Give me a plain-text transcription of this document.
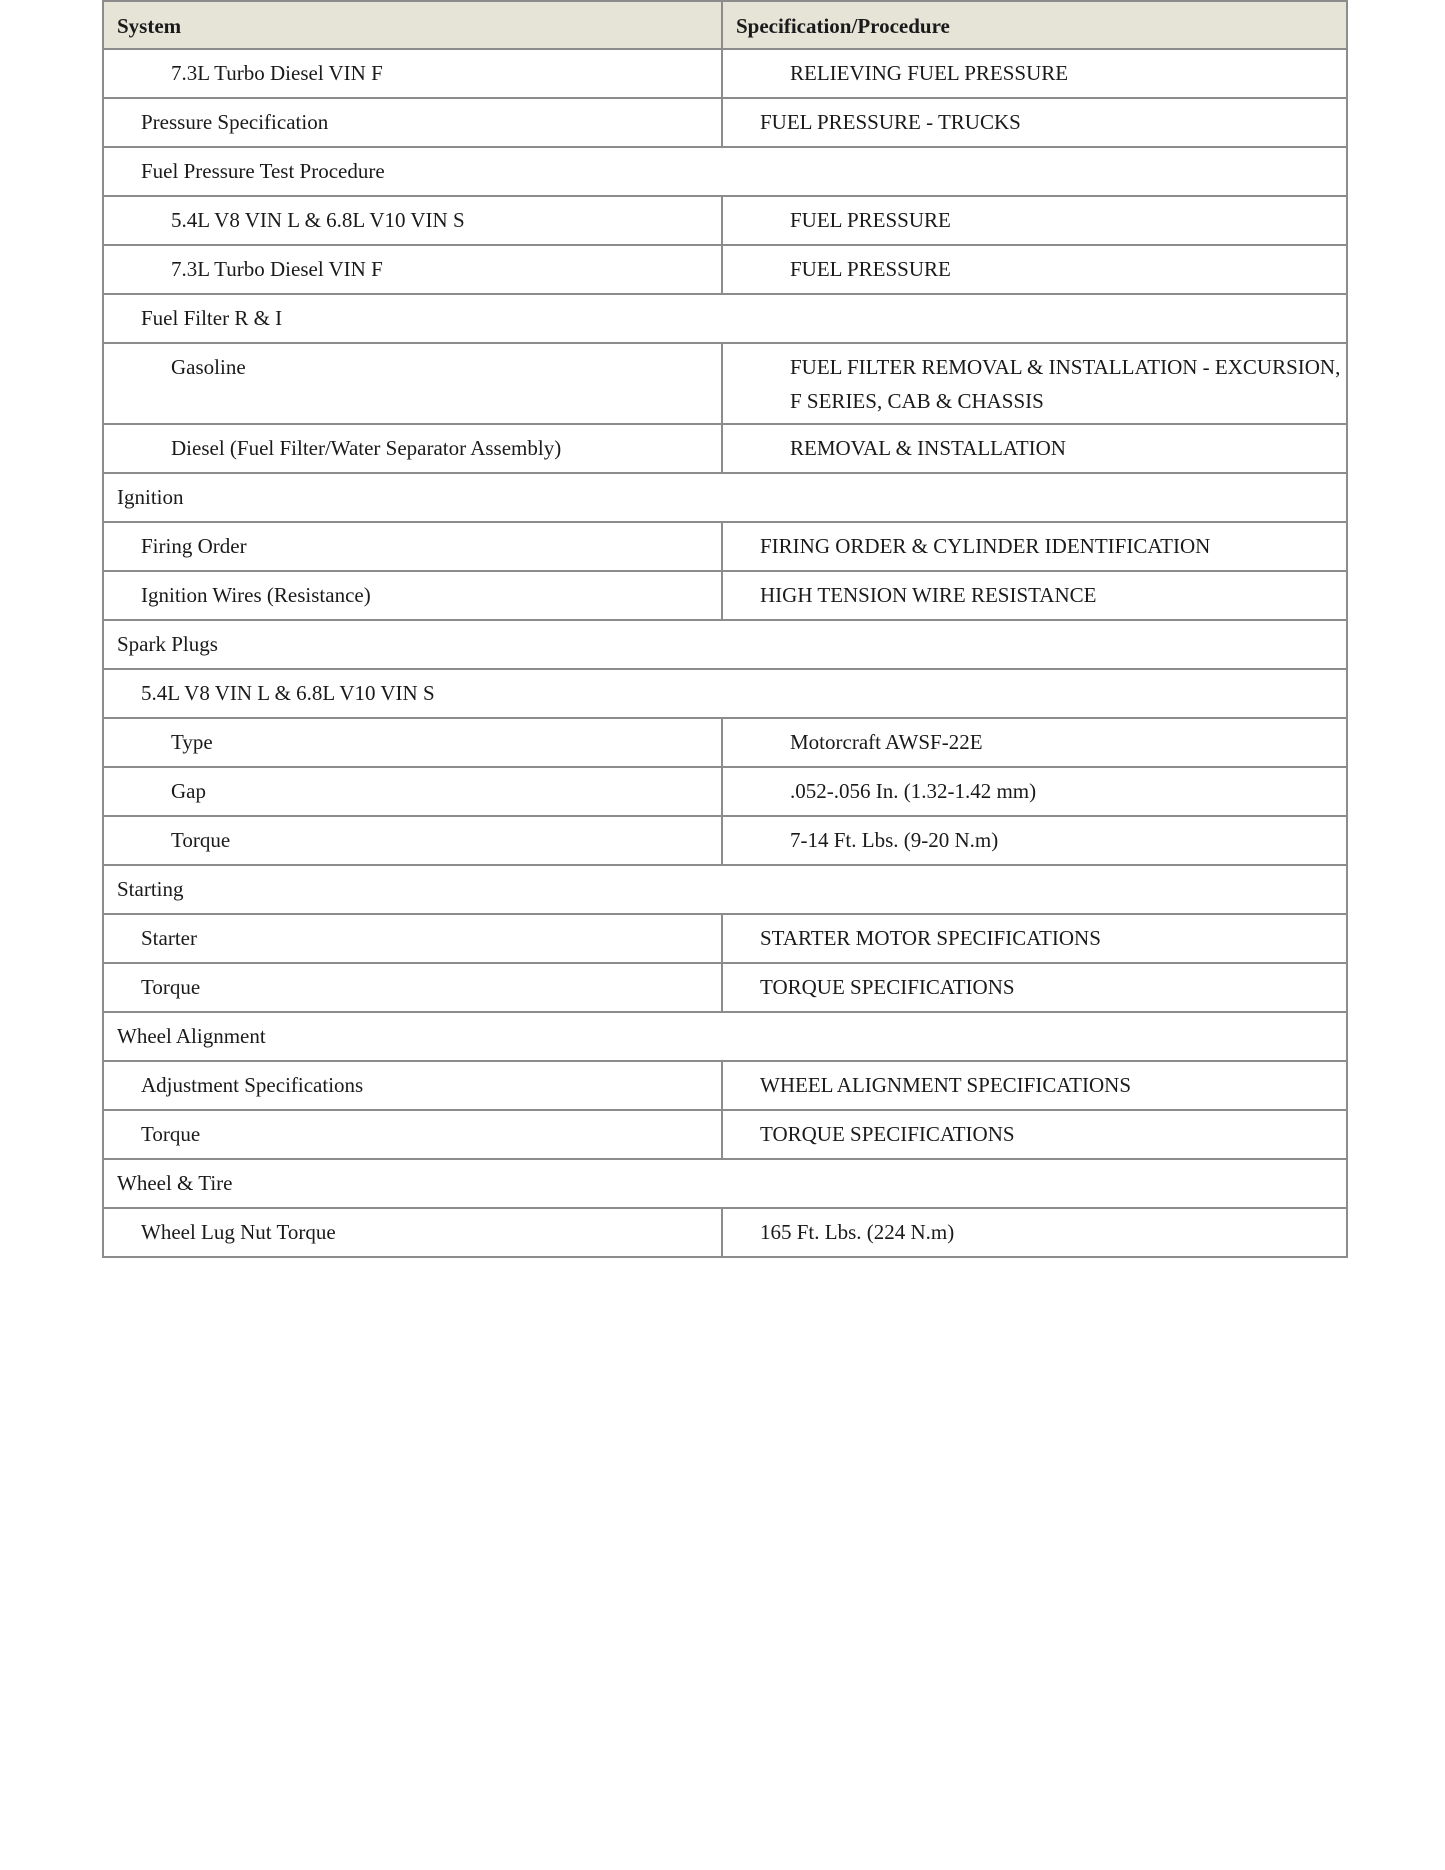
System	Specification/Procedure
7.3L Turbo Diesel VIN F	RELIEVING FUEL PRESSURE
Pressure Specification	FUEL PRESSURE - TRUCKS
Fuel Pressure Test Procedure	
5.4L V8 VIN L & 6.8L V10 VIN S	FUEL PRESSURE
7.3L Turbo Diesel VIN F	FUEL PRESSURE
Fuel Filter R & I	
Gasoline	FUEL FILTER REMOVAL & INSTALLATION - EXCURSION, F SERIES, CAB & CHASSIS
Diesel (Fuel Filter/Water Separator Assembly)	REMOVAL & INSTALLATION
Ignition	
Firing Order	FIRING ORDER & CYLINDER IDENTIFICATION
Ignition Wires (Resistance)	HIGH TENSION WIRE RESISTANCE
Spark Plugs	
5.4L V8 VIN L & 6.8L V10 VIN S	
Type	Motorcraft AWSF-22E
Gap	.052-.056 In. (1.32-1.42 mm)
Torque	7-14 Ft. Lbs. (9-20 N.m)
Starting	
Starter	STARTER MOTOR SPECIFICATIONS
Torque	TORQUE SPECIFICATIONS
Wheel Alignment	
Adjustment Specifications	WHEEL ALIGNMENT SPECIFICATIONS
Torque	TORQUE SPECIFICATIONS
Wheel & Tire	
Wheel Lug Nut Torque	165 Ft. Lbs. (224 N.m)
